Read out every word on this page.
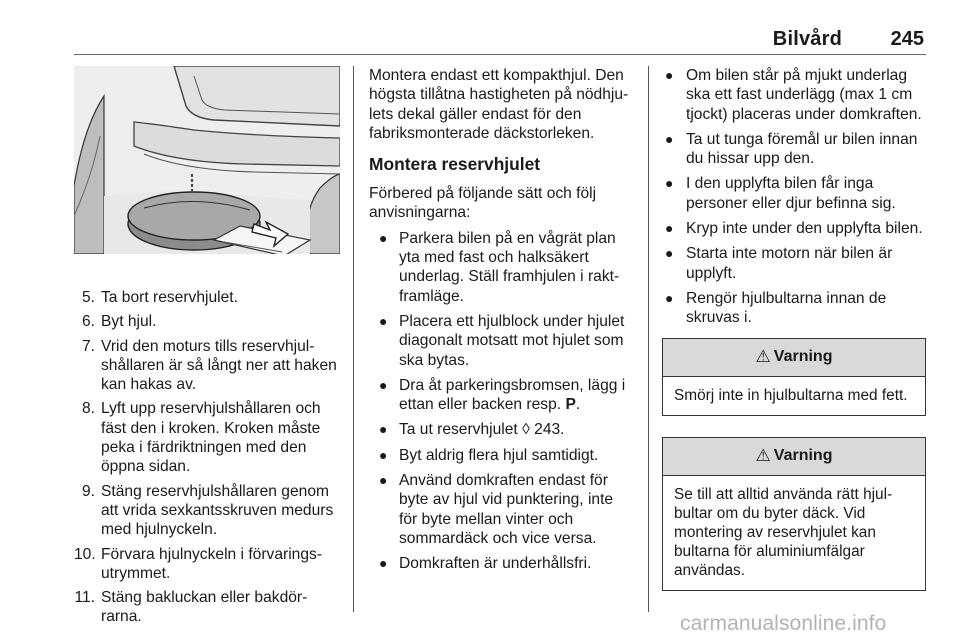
Bilvård 245
5. Ta bort reservhjulet.
6. Byt hjul.
7. Vrid den moturs tills reservhjulshållaren är så långt ner att haken kan hakas av.
8. Lyft upp reservhjulshållaren och fäst den i kroken. Kroken måste peka i färdriktningen med den öppna sidan.
9. Stäng reservhjulshållaren genom att vrida sexkantsskruven medurs med hjulnyckeln.
10. Förvara hjulnyckeln i förvaringsutrymmet.
11. Stäng bakluckan eller bakdörrarna.

Montera endast ett kompakthjul. Den högsta tillåtna hastigheten på nödhjulets dekal gäller endast för den fabriksmonterade däckstorleken.

Montera reservhjulet

Förbered på följande sätt och följ anvisningarna:

● Parkera bilen på en vågrät plan yta med fast och halksäkert underlag. Ställ framhjulen i raktframläge.
● Placera ett hjulblock under hjulet diagonalt motsatt mot hjulet som ska bytas.
● Dra åt parkeringsbromsen, lägg i ettan eller backen resp. P.
● Ta ut reservhjulet ◊ 243.
● Byt aldrig flera hjul samtidigt.
● Använd domkraften endast för byte av hjul vid punktering, inte för byte mellan vinter och sommardäck och vice versa.
● Domkraften är underhållsfri.
● Om bilen står på mjukt underlag ska ett fast underlägg (max 1 cm tjockt) placeras under domkraften.
● Ta ut tunga föremål ur bilen innan du hissar upp den.
● I den upplyfta bilen får inga personer eller djur befinna sig.
● Kryp inte under den upplyfta bilen.
● Starta inte motorn när bilen är upplyft.
● Rengör hjulbultarna innan de skruvas i.
⚠ Varning
Smörj inte in hjulbultarna med fett.
⚠ Varning
Se till att alltid använda rätt hjulbultar om du byter däck. Vid montering av reservhjulet kan bultarna för aluminiumfälgar användas.
carmanualsonline.info
